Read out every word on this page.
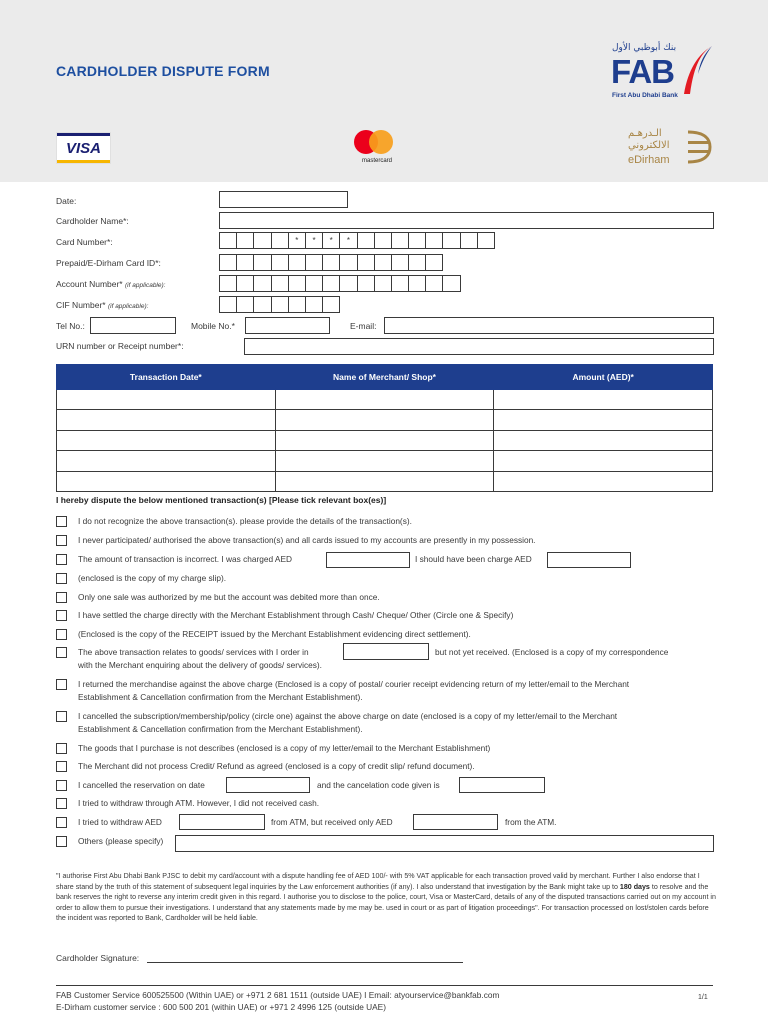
CARDHOLDER DISPUTE FORM
بنك أبوظبي الأول
FAB
First Abu Dhabi Bank
VISA
mastercard
الـدرهـم
الالكتروني
eDirham
Date:
Cardholder Name*:
Card Number*:	*	*	*	*
Prepaid/E-Dirham Card ID*:
Account Number* (if applicable):
CIF Number* (if applicable):
Tel No.:	Mobile No.*	E-mail:
URN number or Receipt number*:
Transaction Date*	Name of Merchant/ Shop*	Amount (AED)*

I hereby dispute the below mentioned transaction(s) [Please tick relevant box(es)]
I do not recognize the above transaction(s). please provide the details of the transaction(s).
I never participated/ authorised the above transaction(s) and all cards issued to my accounts are presently in my possession.
The amount of transaction is incorrect. I was charged AED	I should have been charge AED
(enclosed is the copy of my charge slip).
Only one sale was authorized by me but the account was debited more than once.
I have settled the charge directly with the Merchant Establishment through Cash/ Cheque/ Other (Circle one & Specify)
(Enclosed is the copy of the RECEIPT issued by the Merchant Establishment evidencing direct settlement).
The above transaction relates to goods/ services with I order in	but not yet received. (Enclosed is a copy of my correspondence
with the Merchant enquiring about the delivery of goods/ services).
I returned the merchandise against the above charge (Enclosed is a copy of postal/ courier receipt evidencing return of my letter/email to the Merchant
Establishment & Cancellation confirmation from the Merchant Establishment).
I cancelled the subscription/membership/policy (circle one) against the above charge on date (enclosed is a copy of my letter/email to the Merchant
Establishment & Cancellation confirmation from the Merchant Establishment).
The goods that I purchase is not describes (enclosed is a copy of my letter/email to the Merchant Establishment)
The Merchant did not process Credit/ Refund as agreed (enclosed is a copy of credit slip/ refund document).
I cancelled the reservation on date	and the cancelation code given is
I tried to withdraw through ATM. However, I did not received cash.
I tried to withdraw AED	from ATM, but received only AED	from the ATM.
Others (please specify)
"I authorise First Abu Dhabi Bank PJSC to debit my card/account with a dispute handling fee of AED 100/- with 5% VAT applicable for each transaction proved valid by merchant. Further I also endorse that I share stand by the truth of this statement of subsequent legal inquiries by the Law enforcement authorities (if any). I also understand that investigation by the Bank might take up to 180 days to resolve and the bank reserves the right to reverse any interim credit given in this regard. I authorise you to disclose to the police, court, Visa or MasterCard, details of any of the disputed transactions carried out on my account in order to allow them to pursue their investigations. I understand that any statements made by me may be. used in court or as part of litigation proceedings". For transaction processed on lost/stolen cards before the incident was reported to Bank, Cardholder will be held liable.
Cardholder Signature:
FAB Customer Service 600525500 (Within UAE) or +971 2 681 1511 (outside UAE) I Email: atyourservice@bankfab.com
E-Dirham customer service : 600 500 201 (within UAE) or +971 2 4996 125 (outside UAE)
1/1
